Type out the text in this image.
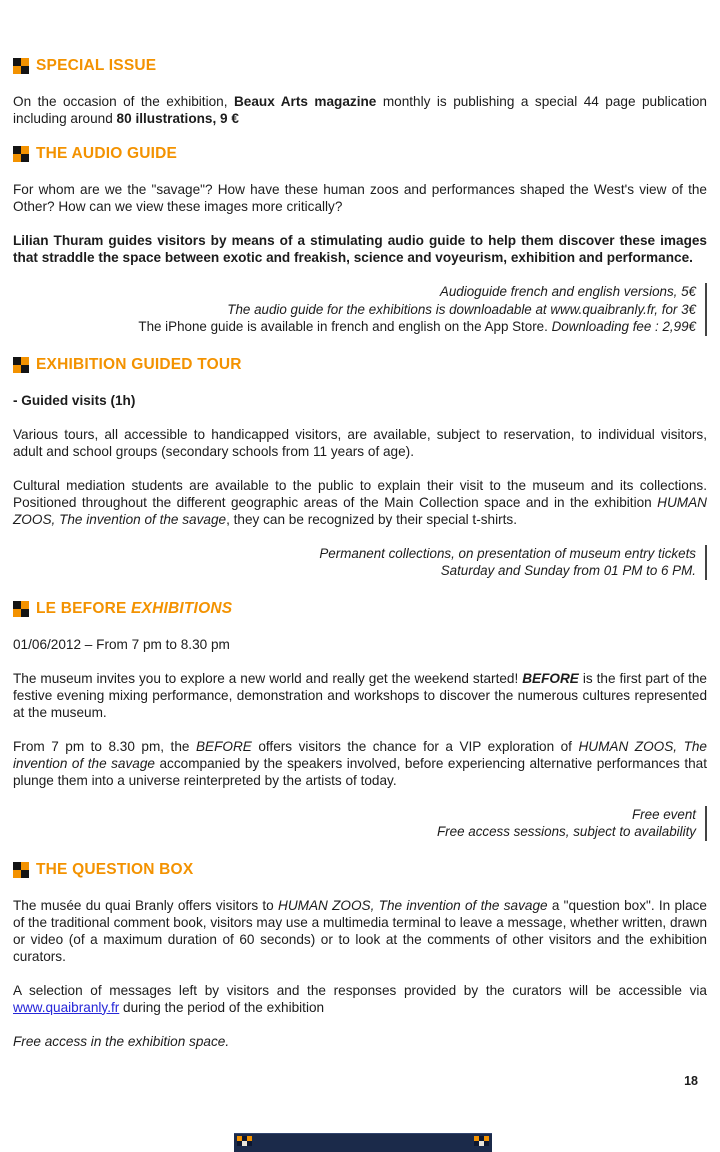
SPECIAL ISSUE

On the occasion of the exhibition, Beaux Arts magazine monthly is publishing a special 44 page publication including around 80 illustrations, 9 €

THE AUDIO GUIDE

For whom are we the "savage"? How have these human zoos and performances shaped the West's view of the Other? How can we view these images more critically?

Lilian Thuram guides visitors by means of a stimulating audio guide to help them discover these images that straddle the space between exotic and freakish, science and voyeurism, exhibition and performance.

Audioguide french and english versions, 5€
The audio guide for the exhibitions is downloadable at www.quaibranly.fr, for 3€
The iPhone guide is available in french and english on the App Store. Downloading fee : 2,99€
EXHIBITION GUIDED TOUR

- Guided visits (1h)

Various tours, all accessible to handicapped visitors, are available, subject to reservation, to individual visitors, adult and school groups (secondary schools from 11 years of age).

Cultural mediation students are available to the public to explain their visit to the museum and its collections. Positioned throughout the different geographic areas of the Main Collection space and in the exhibition HUMAN ZOOS, The invention of the savage, they can be recognized by their special t-shirts.

Permanent collections, on presentation of museum entry tickets
Saturday and Sunday from 01 PM to 6 PM.
LE BEFORE EXHIBITIONS

01/06/2012 – From 7 pm to 8.30 pm

The museum invites you to explore a new world and really get the weekend started! BEFORE is the first part of the festive evening mixing performance, demonstration and workshops to discover the numerous cultures represented at the museum.

From 7 pm to 8.30 pm, the BEFORE offers visitors the chance for a VIP exploration of HUMAN ZOOS, The invention of the savage accompanied by the speakers involved, before experiencing alternative performances that plunge them into a universe reinterpreted by the artists of today.

Free event
Free access sessions, subject to availability
THE QUESTION BOX

The musée du quai Branly offers visitors to HUMAN ZOOS, The invention of the savage a "question box". In place of the traditional comment book, visitors may use a multimedia terminal to leave a message, whether written, drawn or video (of a maximum duration of 60 seconds) or to look at the comments of other visitors and the exhibition curators.

A selection of messages left by visitors and the responses provided by the curators will be accessible via www.quaibranly.fr during the period of the exhibition

Free access in the exhibition space.

18
